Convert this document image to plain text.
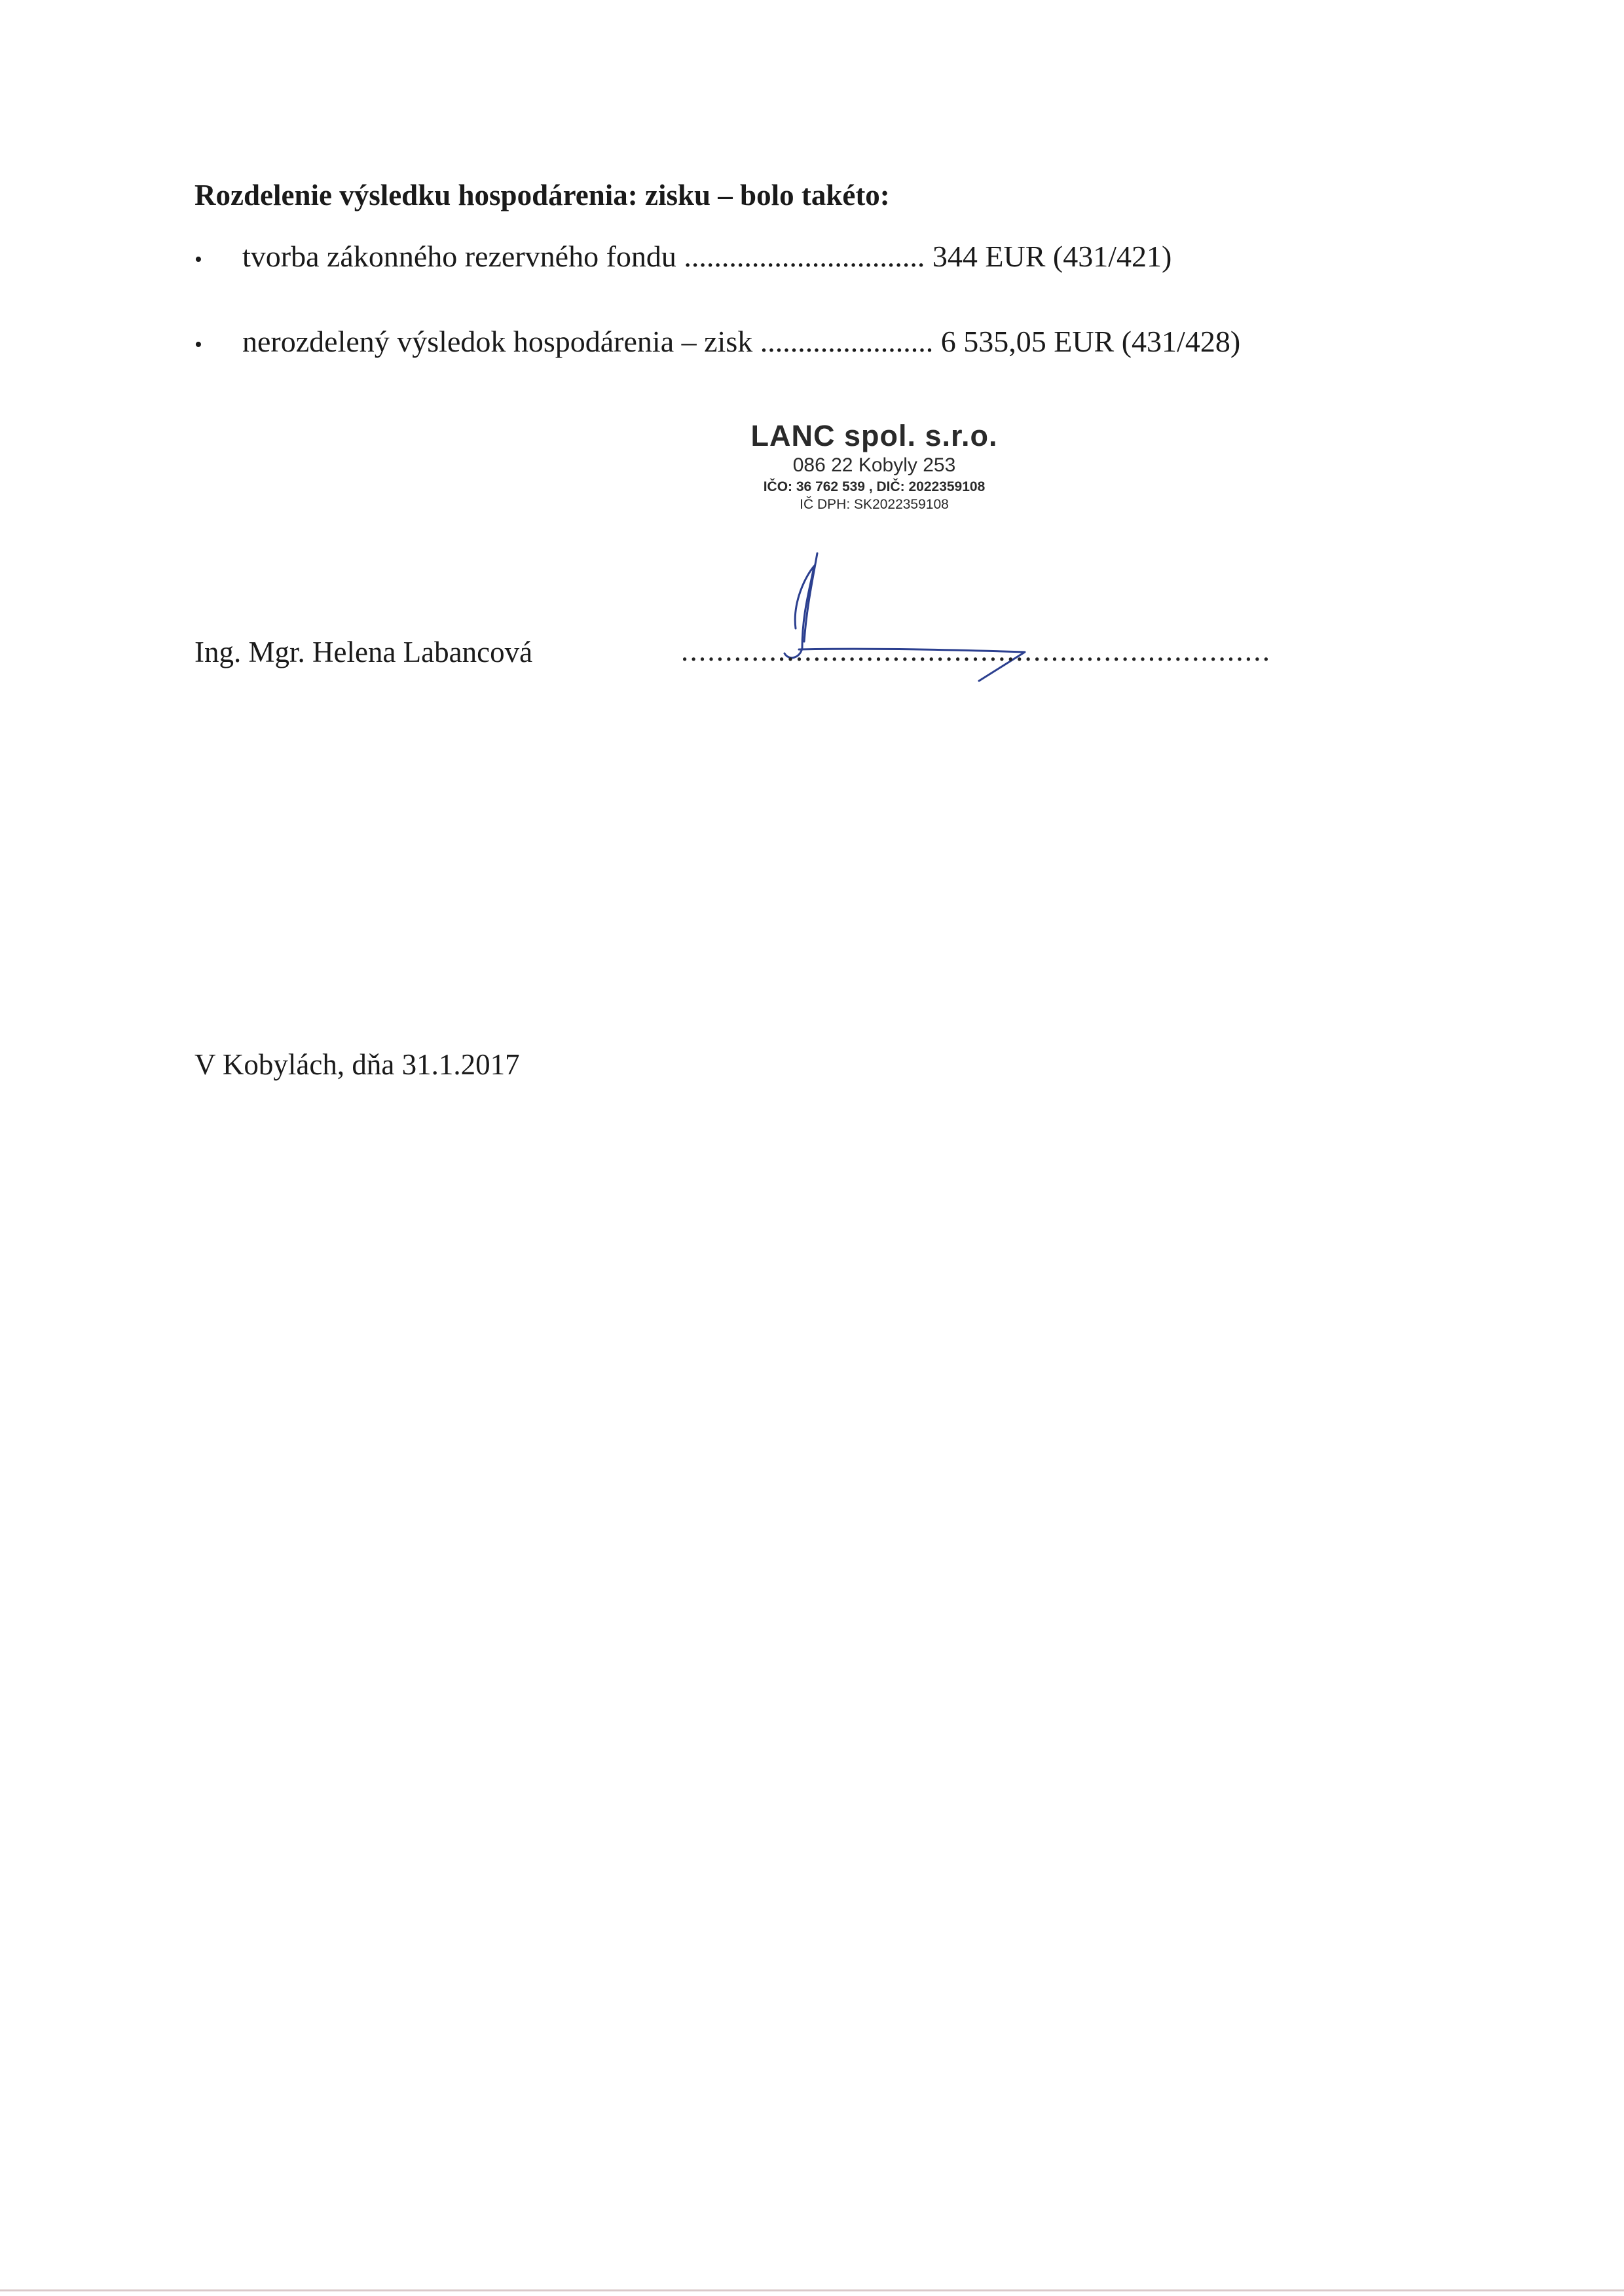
Rozdelenie výsledku hospodárenia: zisku – bolo takéto:
•	tvorba zákonného rezervného fondu ................................ 344 EUR (431/421)
•	nerozdelený výsledok hospodárenia – zisk ....................... 6 535,05 EUR (431/428)
LANC spol. s.r.o.
086 22 Kobyly 253
IČO: 36 762 539 , DIČ: 2022359108
IČ DPH: SK2022359108
Ing. Mgr. Helena Labancová	...................................................................
V Kobylách, dňa 31.1.2017
